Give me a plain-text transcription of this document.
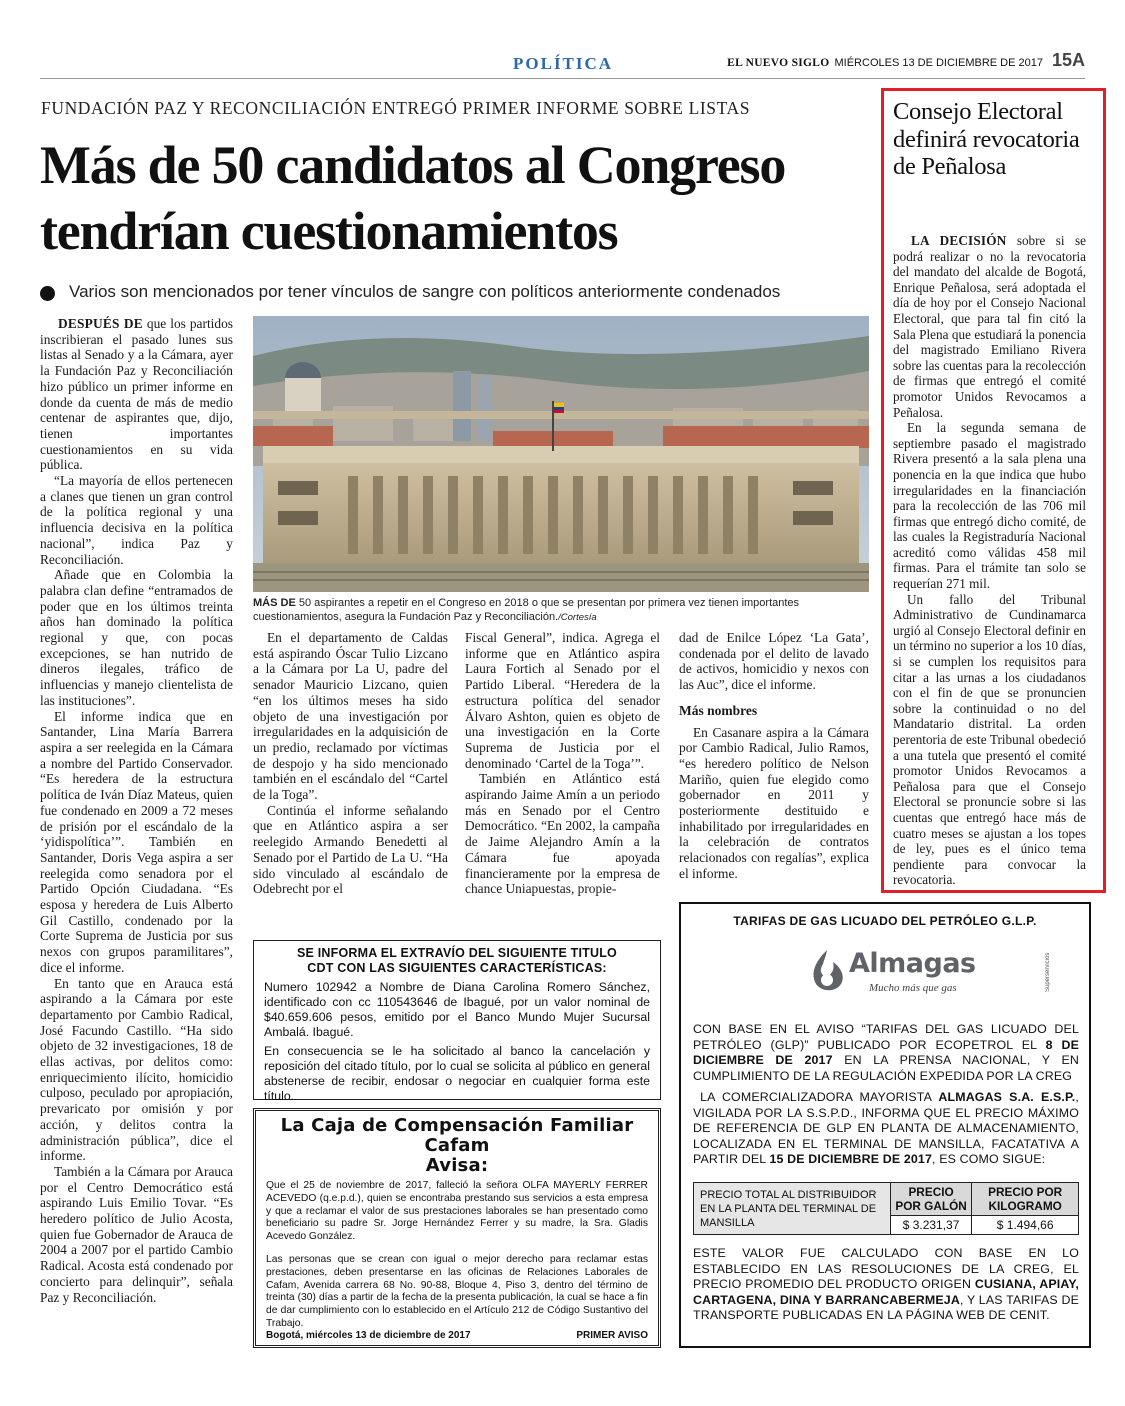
POLÍTICA	EL NUEVO SIGLO MIÉRCOLES 13 DE DICIEMBRE DE 2017 15A
FUNDACIÓN PAZ Y RECONCILIACIÓN ENTREGÓ PRIMER INFORME SOBRE LISTAS
Más de 50 candidatos al Congreso tendrían cuestionamientos
Varios son mencionados por tener vínculos de sangre con políticos anteriormente condenados

DESPUÉS DE que los partidos inscribieran el pasado lunes sus listas al Senado y a la Cámara, ayer la Fundación Paz y Reconciliación hizo público un primer informe en donde da cuenta de más de medio centenar de aspirantes que, dijo, tienen importantes cuestionamientos en su vida pública.

“La mayoría de ellos pertenecen a clanes que tienen un gran control de la política regional y una influencia decisiva en la política nacional”, indica Paz y Reconciliación.

Añade que en Colombia la palabra clan define “entramados de poder que en los últimos treinta años han dominado la política regional y que, con pocas excepciones, se han nutrido de dineros ilegales, tráfico de influencias y manejo clientelista de las instituciones”.

El informe indica que en Santander, Lina María Barrera aspira a ser reelegida en la Cámara a nombre del Partido Conservador. “Es heredera de la estructura política de Iván Díaz Mateus, quien fue condenado en 2009 a 72 meses de prisión por el escándalo de la ‘yidispolítica’”. También en Santander, Doris Vega aspira a ser reelegida como senadora por el Partido Opción Ciudadana. “Es esposa y heredera de Luis Alberto Gil Castillo, condenado por la Corte Suprema de Justicia por sus nexos con grupos paramilitares”, dice el informe.

En tanto que en Arauca está aspirando a la Cámara por este departamento por Cambio Radical, José Facundo Castillo. “Ha sido objeto de 32 investigaciones, 18 de ellas activas, por delitos como: enriquecimiento ilícito, homicidio culposo, peculado por apropiación, prevaricato por omisión y por acción, y delitos contra la administración pública”, dice el informe.

También a la Cámara por Arauca por el Centro Democrático está aspirando Luis Emilio Tovar. “Es heredero político de Julio Acosta, quien fue Gobernador de Arauca de 2004 a 2007 por el partido Cambio Radical. Acosta está condenado por concierto para delinquir”, señala Paz y Reconciliación.

MÁS DE 50 aspirantes a repetir en el Congreso en 2018 o que se presentan por primera vez tienen importantes cuestionamientos, asegura la Fundación Paz y Reconciliación./Cortesía

En el departamento de Caldas está aspirando Óscar Tulio Lizcano a la Cámara por La U, padre del senador Mauricio Lizcano, quien “en los últimos meses ha sido objeto de una investigación por irregularidades en la adquisición de un predio, reclamado por víctimas de despojo y ha sido mencionado también en el escándalo del “Cartel de la Toga”.

Continúa el informe señalando que en Atlántico aspira a ser reelegido Armando Benedetti al Senado por el Partido de La U. “Ha sido vinculado al escándalo de Odebrecht por el

Fiscal General”, indica. Agrega el informe que en Atlántico aspira Laura Fortich al Senado por el Partido Liberal. “Heredera de la estructura política del senador Álvaro Ashton, quien es objeto de una investigación en la Corte Suprema de Justicia por el denominado ‘Cartel de la Toga’”.

También en Atlántico está aspirando Jaime Amín a un periodo más en Senado por el Centro Democrático. “En 2002, la campaña de Jaime Alejandro Amín a la Cámara fue apoyada financieramente por la empresa de chance Uniapuestas, propie-

dad de Enilce López ‘La Gata’, condenada por el delito de lavado de activos, homicidio y nexos con las Auc”, dice el informe.

Más nombres

En Casanare aspira a la Cámara por Cambio Radical, Julio Ramos, “es heredero político de Nelson Mariño, quien fue elegido como gobernador en 2011 y posteriormente destituido e inhabilitado por irregularidades en la celebración de contratos relacionados con regalías”, explica el informe.

Consejo Electoral definirá revocatoria de Peñalosa

LA DECISIÓN sobre si se podrá realizar o no la revocatoria del mandato del alcalde de Bogotá, Enrique Peñalosa, será adoptada el día de hoy por el Consejo Nacional Electoral, que para tal fin citó la Sala Plena que estudiará la ponencia del magistrado Emiliano Rivera sobre las cuentas para la recolección de firmas que entregó el comité promotor Unidos Revocamos a Peñalosa.

En la segunda semana de septiembre pasado el magistrado Rivera presentó a la sala plena una ponencia en la que indica que hubo irregularidades en la financiación para la recolección de las 706 mil firmas que entregó dicho comité, de las cuales la Registraduría Nacional acreditó como válidas 458 mil firmas. Para el trámite tan solo se requerían 271 mil.

Un fallo del Tribunal Administrativo de Cundinamarca urgió al Consejo Electoral definir en un término no superior a los 10 días, si se cumplen los requisitos para citar a las urnas a los ciudadanos con el fin de que se pronuncien sobre la continuidad o no del Mandatario distrital. La orden perentoria de este Tribunal obedeció a una tutela que presentó el comité promotor Unidos Revocamos a Peñalosa para que el Consejo Electoral se pronuncie sobre si las cuentas que entregó hace más de cuatro meses se ajustan a los topes de ley, pues es el único tema pendiente para convocar la revocatoria.

SE INFORMA EL EXTRAVÍO DEL SIGUIENTE TITULO
CDT CON LAS SIGUIENTES CARACTERÍSTICAS:
Numero 102942 a Nombre de Diana Carolina Romero Sánchez, identificado con cc 110543646 de Ibagué, por un valor nominal de $40.659.606 pesos, emitido por el Banco Mundo Mujer Sucursal Ambalá. Ibagué.
En consecuencia se le ha solicitado al banco la cancelación y reposición del citado título, por lo cual se solicita al público en general abstenerse de recibir, endosar o negociar en cualquier forma este título.
La Caja de Compensación Familiar Cafam
Avisa:
Que el 25 de noviembre de 2017, falleció la señora OLFA MAYERLY FERRER ACEVEDO (q.e.p.d.), quien se encontraba prestando sus servicios a esta empresa y que a reclamar el valor de sus prestaciones laborales se han presentado como beneficiario su padre Sr. Jorge Hernández Ferrer y su madre, la Sra. Gladis Acevedo González.
Las personas que se crean con igual o mejor derecho para reclamar estas prestaciones, deben presentarse en las oficinas de Relaciones Laborales de Cafam, Avenida carrera 68 No. 90-88, Bloque 4, Piso 3, dentro del término de treinta (30) días a partir de la fecha de la presenta publicación, la cual se hace a fin de dar cumplimiento con lo establecido en el Artículo 212 de Código Sustantivo del Trabajo.
Bogotá, miércoles 13 de diciembre de 2017	PRIMER AVISO
TARIFAS DE GAS LICUADO DEL PETRÓLEO G.L.P.
Almagas
Mucho más que gas	Superservicios
CON BASE EN EL AVISO “TARIFAS DEL GAS LICUADO DEL PETRÓLEO (GLP)” PUBLICADO POR ECOPETROL EL 8 DE DICIEMBRE DE 2017 EN LA PRENSA NACIONAL, Y EN CUMPLIMIENTO DE LA REGULACIÓN EXPEDIDA POR LA CREG
LA COMERCIALIZADORA MAYORISTA ALMAGAS S.A. E.S.P., VIGILADA POR LA S.S.P.D., INFORMA QUE EL PRECIO MÁXIMO DE REFERENCIA DE GLP EN PLANTA DE ALMACENAMIENTO, LOCALIZADA EN EL TERMINAL DE MANSILLA, FACATATIVA A PARTIR DEL 15 DE DICIEMBRE DE 2017, ES COMO SIGUE:
PRECIO TOTAL AL DISTRIBUIDOR EN LA PLANTA DEL TERMINAL DE MANSILLA	PRECIO POR GALÓN	PRECIO POR KILOGRAMO
	$ 3.231,37	$ 1.494,66
ESTE VALOR FUE CALCULADO CON BASE EN LO ESTABLECIDO EN LAS RESOLUCIONES DE LA CREG, EL PRECIO PROMEDIO DEL PRODUCTO ORIGEN CUSIANA, APIAY, CARTAGENA, DINA Y BARRANCABERMEJA, Y LAS TARIFAS DE TRANSPORTE PUBLICADAS EN LA PÁGINA WEB DE CENIT.
